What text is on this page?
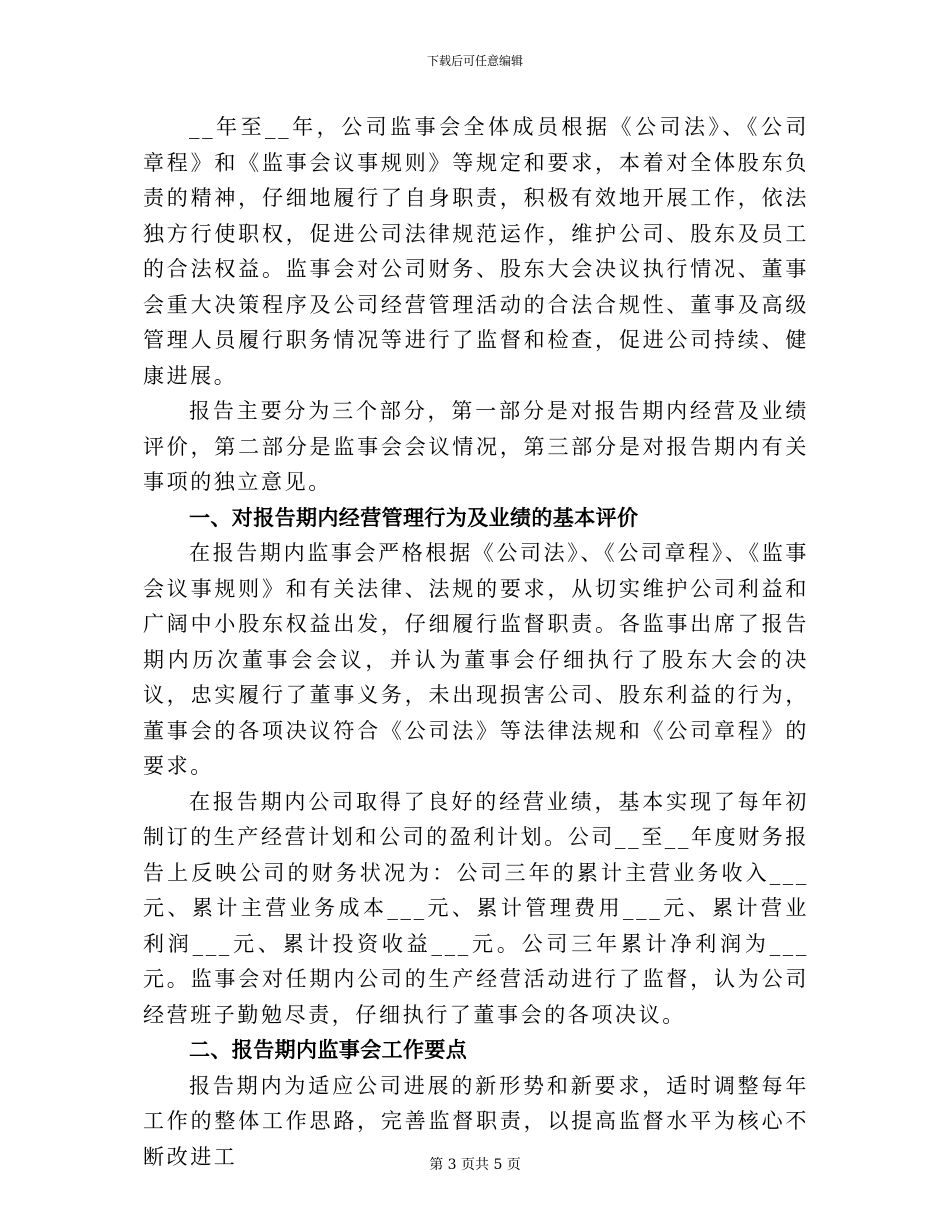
下载后可任意编辑

__年至__年，公司监事会全体成员根据《公司法》、《公司章程》和《监事会议事规则》等规定和要求，本着对全体股东负责的精神，仔细地履行了自身职责，积极有效地开展工作，依法独方行使职权，促进公司法律规范运作，维护公司、股东及员工的合法权益。监事会对公司财务、股东大会决议执行情况、董事会重大决策程序及公司经营管理活动的合法合规性、董事及高级管理人员履行职务情况等进行了监督和检查，促进公司持续、健康进展。

报告主要分为三个部分，第一部分是对报告期内经营及业绩评价，第二部分是监事会会议情况，第三部分是对报告期内有关事项的独立意见。

一、对报告期内经营管理行为及业绩的基本评价

在报告期内监事会严格根据《公司法》、《公司章程》、《监事会议事规则》和有关法律、法规的要求，从切实维护公司利益和广阔中小股东权益出发，仔细履行监督职责。各监事出席了报告期内历次董事会会议，并认为董事会仔细执行了股东大会的决议，忠实履行了董事义务，未出现损害公司、股东利益的行为，董事会的各项决议符合《公司法》等法律法规和《公司章程》的要求。

在报告期内公司取得了良好的经营业绩，基本实现了每年初制订的生产经营计划和公司的盈利计划。公司__至__年度财务报告上反映公司的财务状况为：公司三年的累计主营业务收入___元、累计主营业务成本___元、累计管理费用___元、累计营业利润___元、累计投资收益___元。公司三年累计净利润为___元。监事会对任期内公司的生产经营活动进行了监督，认为公司经营班子勤勉尽责，仔细执行了董事会的各项决议。

二、报告期内监事会工作要点

报告期内为适应公司进展的新形势和新要求，适时调整每年工作的整体工作思路，完善监督职责，以提高监督水平为核心不断改进工	第 3 页共 5 页
